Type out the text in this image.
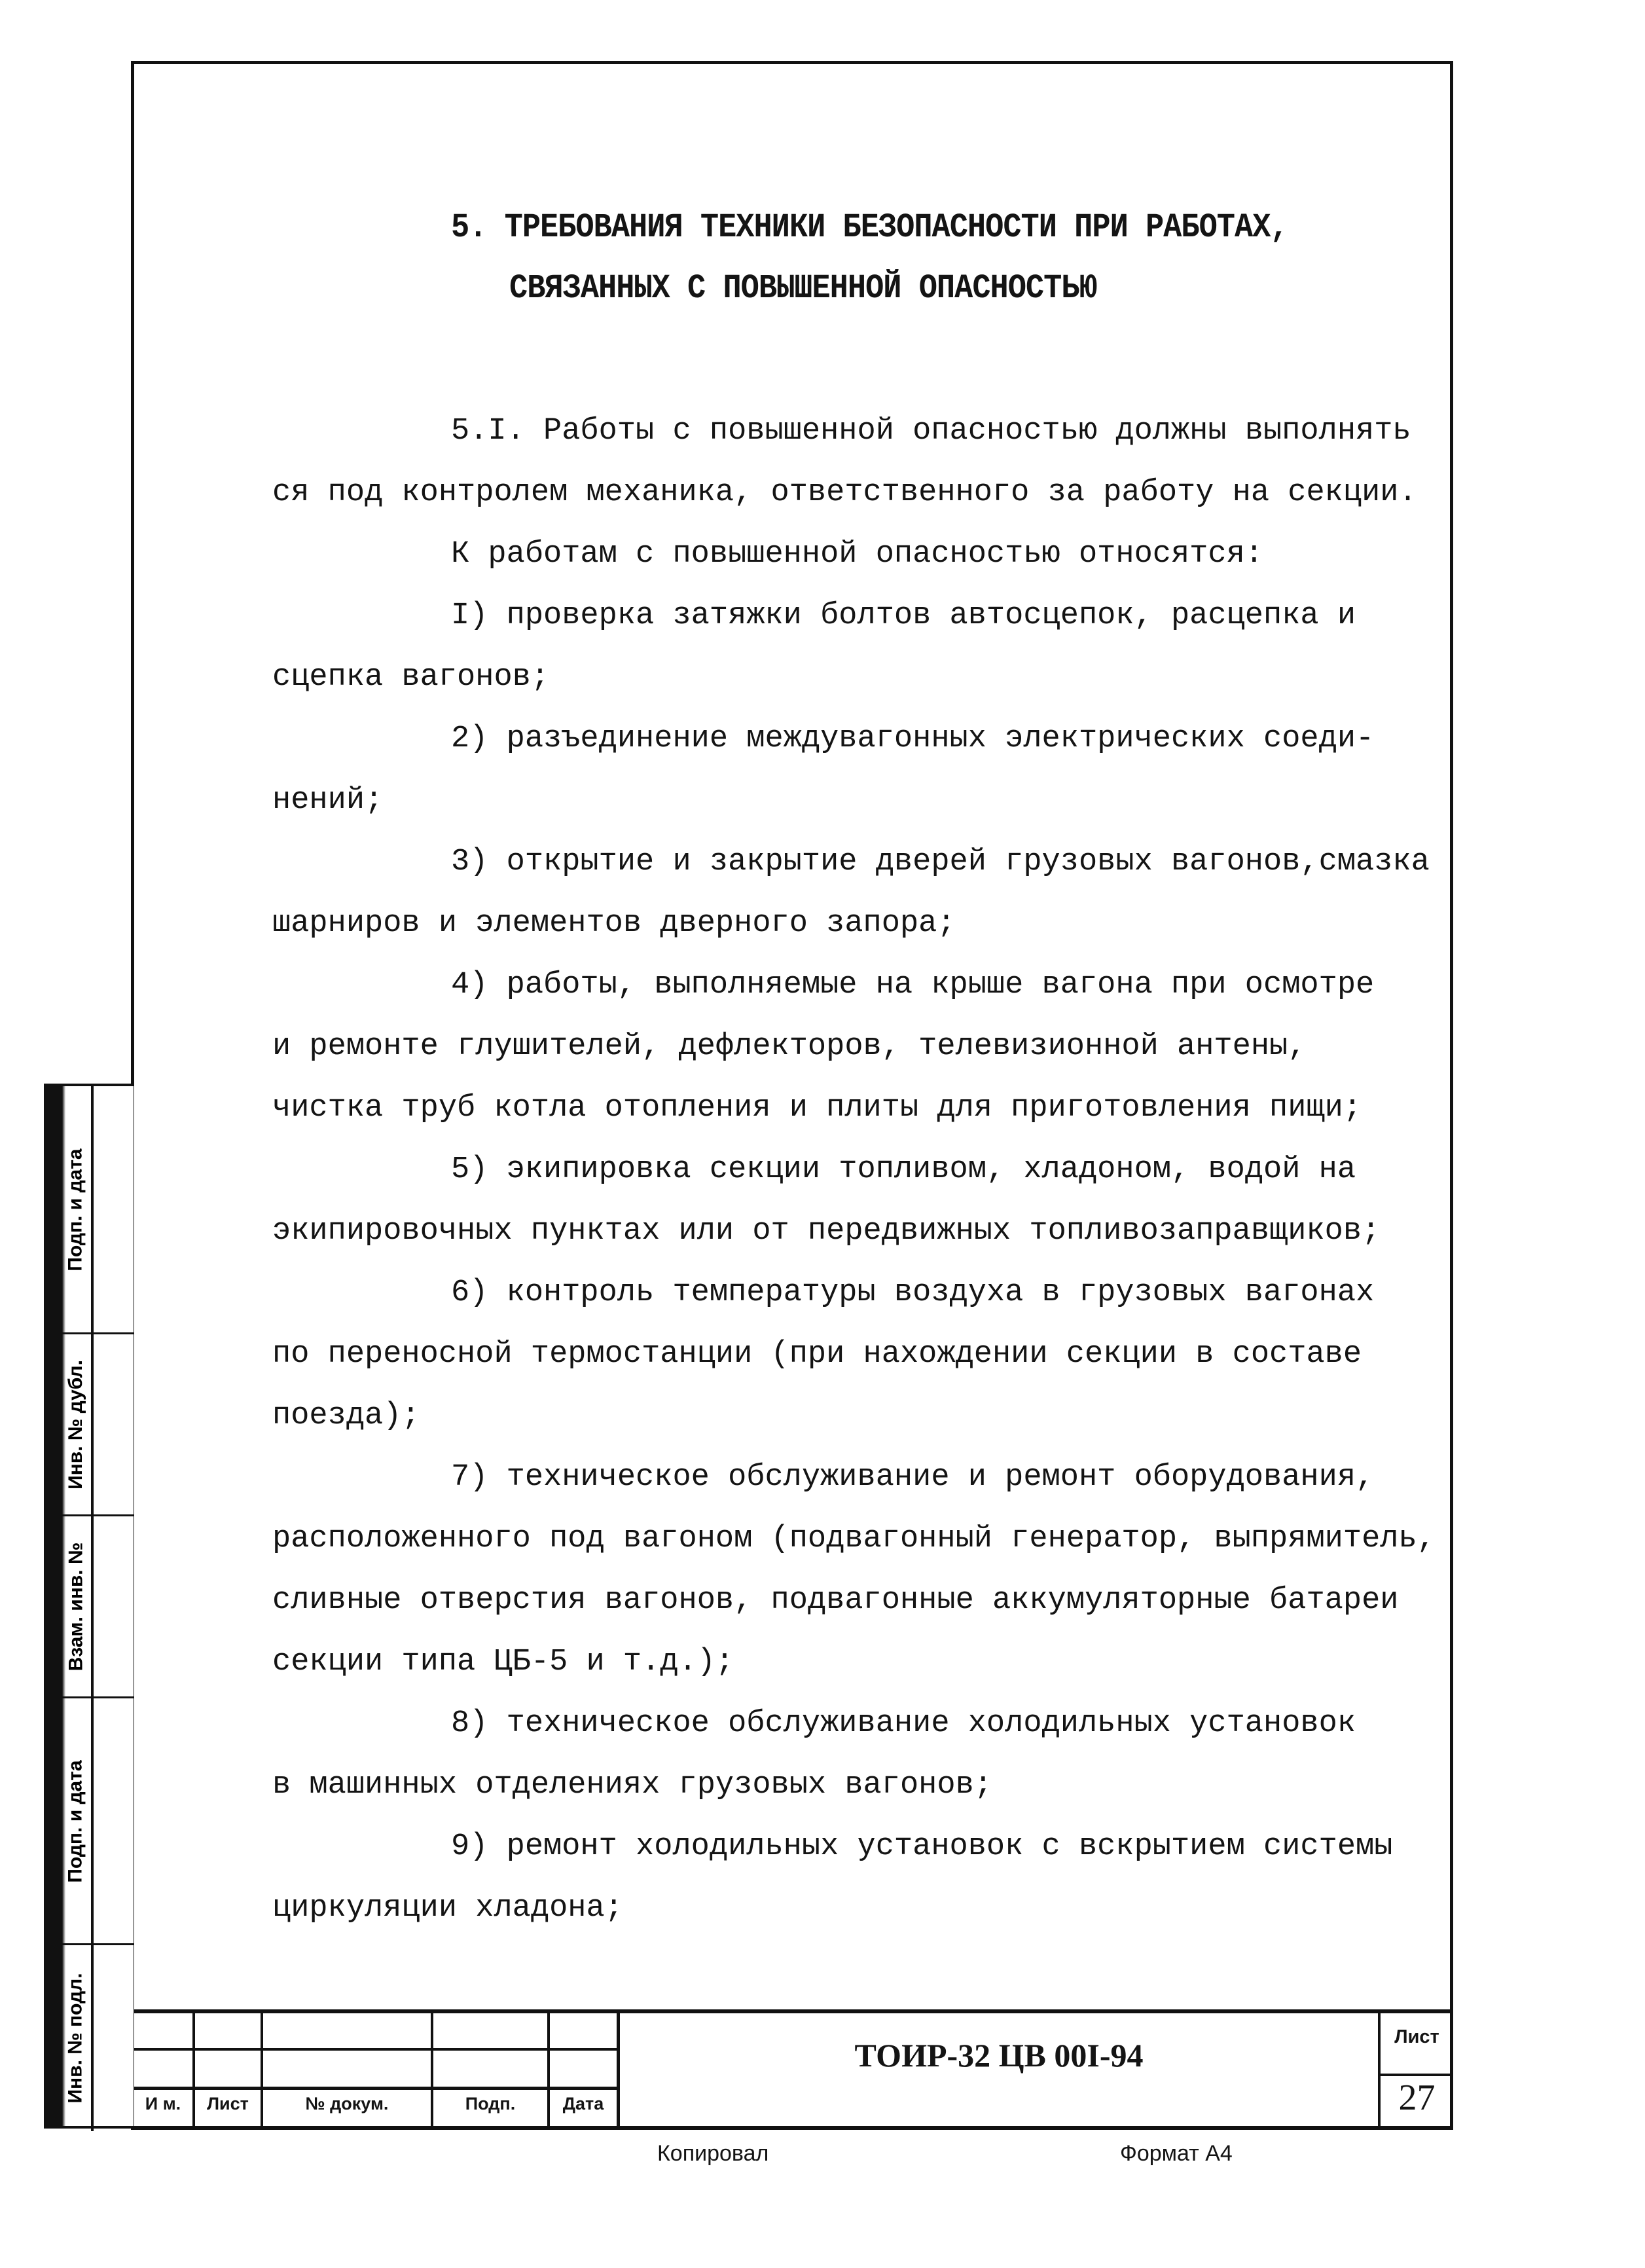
5. ТРЕБОВАНИЯ ТЕХНИКИ БЕЗОПАСНОСТИ ПРИ РАБОТАХ,
СВЯЗАННЫХ С ПОВЫШЕННОЙ ОПАСНОСТЬЮ
5.I. Работы с повышенной опасностью должны выполнять
ся под контролем механика, ответственного за работу на секции.
К работам с повышенной опасностью относятся:
I) проверка затяжки болтов автосцепок, расцепка и
сцепка вагонов;
2) разъединение междувагонных электрических соеди-
нений;
3) открытие и закрытие дверей грузовых вагонов,смазка
шарниров и элементов дверного запора;
4) работы, выполняемые на крыше вагона при осмотре
и ремонте глушителей, дефлекторов, телевизионной антены,
чистка труб котла отопления и плиты для приготовления пищи;
5) экипировка секции топливом, хладоном, водой на
экипировочных пунктах или от передвижных топливозаправщиков;
6) контроль температуры воздуха в грузовых вагонах
по переносной термостанции (при нахождении секции в составе
поезда);
7) техническое обслуживание и ремонт оборудования,
расположенного под вагоном (подвагонный генератор, выпрямитель,
сливные отверстия вагонов, подвагонные аккумуляторные батареи
секции типа ЦБ-5 и т.д.);
8) техническое обслуживание холодильных установок
в машинных отделениях грузовых вагонов;
9) ремонт холодильных установок с вскрытием системы
циркуляции хладона;
И м.	Лист	№ докум.	Подп.	Дата
ТОИР-32 ЦВ 00I-94	Лист
27
Подп. и дата
Инв. № дубл.
Взам. инв. №
Подп. и дата
Инв. № подл.
Копировал	Формат А4
